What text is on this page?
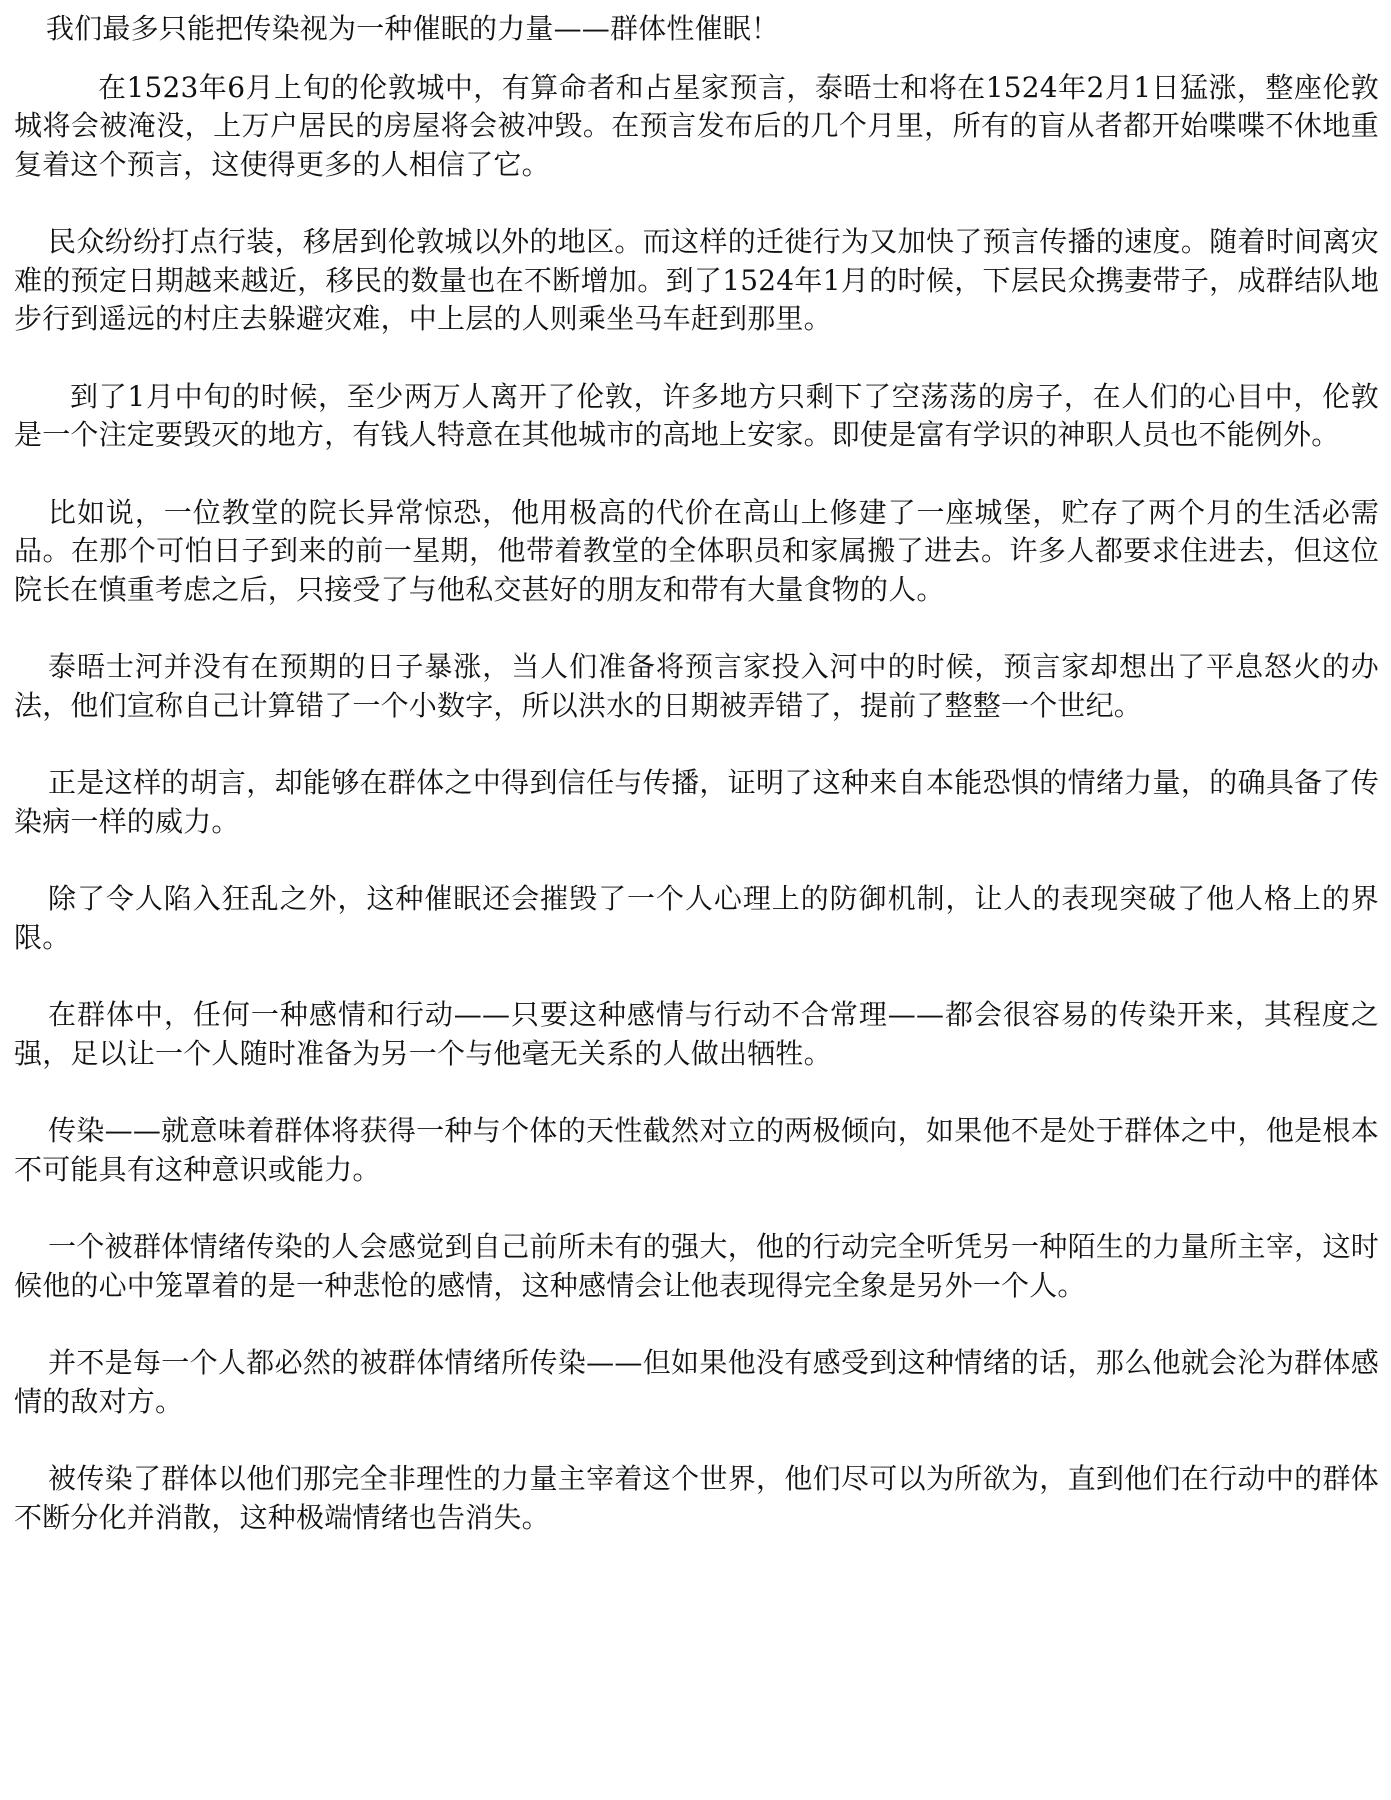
我们最多只能把传染视为一种催眠的力量——群体性催眠！

在1523年6月上旬的伦敦城中，有算命者和占星家预言，泰晤士和将在1524年2月1日猛涨，整座伦敦城将会被淹没，上万户居民的房屋将会被冲毁。在预言发布后的几个月里，所有的盲从者都开始喋喋不休地重复着这个预言，这使得更多的人相信了它。

民众纷纷打点行装，移居到伦敦城以外的地区。而这样的迁徙行为又加快了预言传播的速度。随着时间离灾难的预定日期越来越近，移民的数量也在不断增加。到了1524年1月的时候，下层民众携妻带子，成群结队地步行到遥远的村庄去躲避灾难，中上层的人则乘坐马车赶到那里。

到了1月中旬的时候，至少两万人离开了伦敦，许多地方只剩下了空荡荡的房子，在人们的心目中，伦敦是一个注定要毁灭的地方，有钱人特意在其他城市的高地上安家。即使是富有学识的神职人员也不能例外。

比如说，一位教堂的院长异常惊恐，他用极高的代价在高山上修建了一座城堡，贮存了两个月的生活必需品。在那个可怕日子到来的前一星期，他带着教堂的全体职员和家属搬了进去。许多人都要求住进去，但这位院长在慎重考虑之后，只接受了与他私交甚好的朋友和带有大量食物的人。

泰晤士河并没有在预期的日子暴涨，当人们准备将预言家投入河中的时候，预言家却想出了平息怒火的办法，他们宣称自己计算错了一个小数字，所以洪水的日期被弄错了，提前了整整一个世纪。

正是这样的胡言，却能够在群体之中得到信任与传播，证明了这种来自本能恐惧的情绪力量，的确具备了传染病一样的威力。

除了令人陷入狂乱之外，这种催眠还会摧毁了一个人心理上的防御机制，让人的表现突破了他人格上的界限。

在群体中，任何一种感情和行动——只要这种感情与行动不合常理——都会很容易的传染开来，其程度之强，足以让一个人随时准备为另一个与他毫无关系的人做出牺牲。

传染——就意味着群体将获得一种与个体的天性截然对立的两极倾向，如果他不是处于群体之中，他是根本不可能具有这种意识或能力。

一个被群体情绪传染的人会感觉到自己前所未有的强大，他的行动完全听凭另一种陌生的力量所主宰，这时候他的心中笼罩着的是一种悲怆的感情，这种感情会让他表现得完全象是另外一个人。

并不是每一个人都必然的被群体情绪所传染——但如果他没有感受到这种情绪的话，那么他就会沦为群体感情的敌对方。

被传染了群体以他们那完全非理性的力量主宰着这个世界，他们尽可以为所欲为，直到他们在行动中的群体不断分化并消散，这种极端情绪也告消失。
